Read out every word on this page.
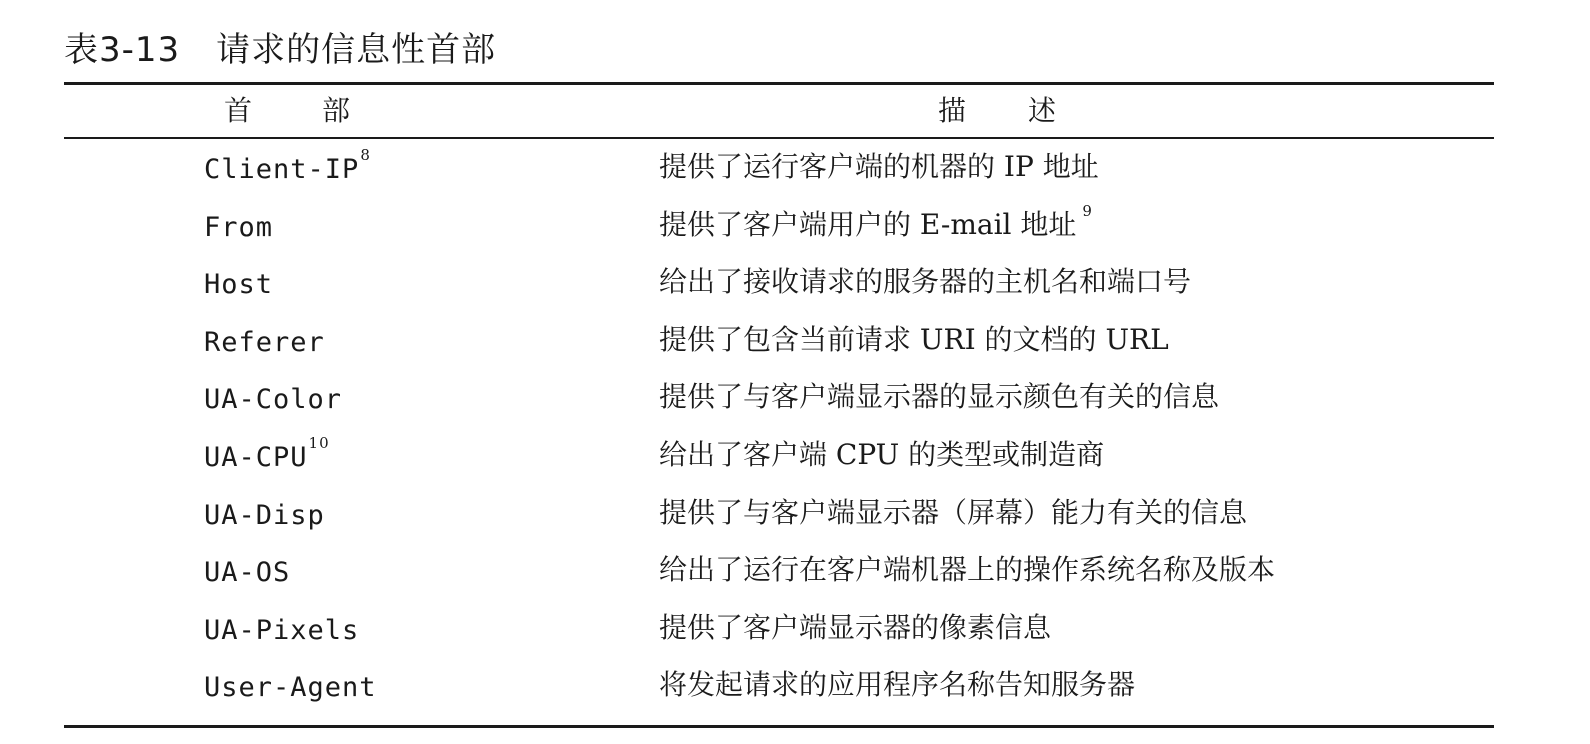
表3-13 请求的信息性首部
首部	描述
Client-$IP^8$	提供了运行客户端的机器的 IP 地址
From	提供了客户端用户的 E-mail 地址 $^9$
Host	给出了接收请求的服务器的主机名和端口号
Referer	提供了包含当前请求 URI 的文档的 URL
UA-Color	提供了与客户端显示器的显示颜色有关的信息
UA-CPU$^{10}$	给出了客户端 CPU 的类型或制造商
UA-Disp	提供了与客户端显示器（屏幕）能力有关的信息
UA-OS	给出了运行在客户端机器上的操作系统名称及版本
UA-Pixels	提供了客户端显示器的像素信息
User-Agent	将发起请求的应用程序名称告知服务器
